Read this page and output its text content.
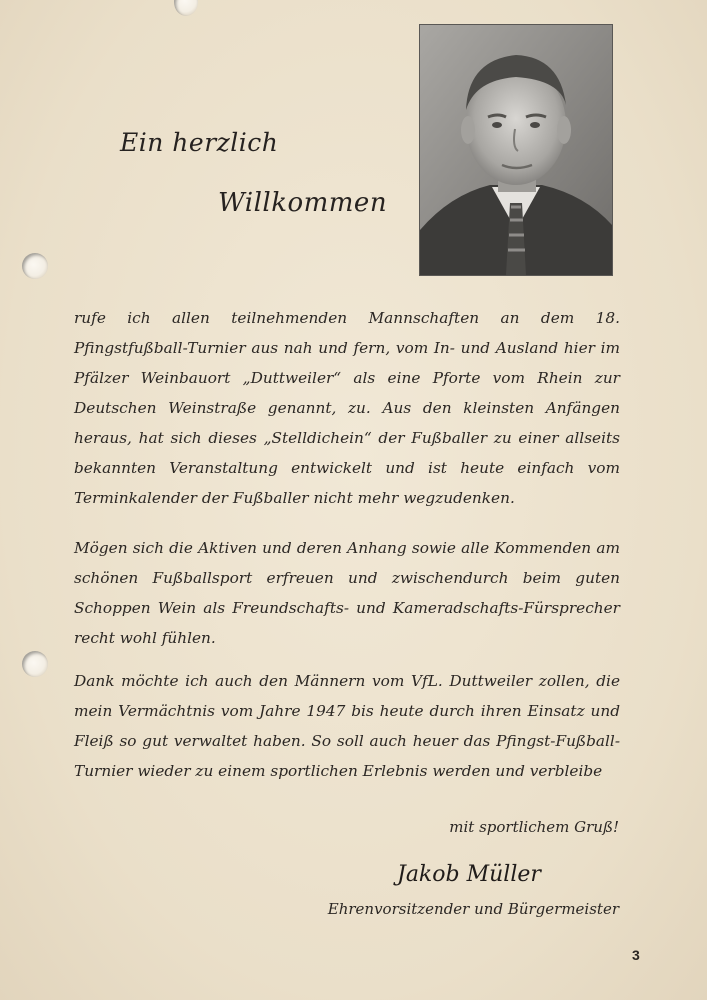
Ein herzlich
Willkommen

rufe ich allen teilnehmenden Mannschaften an dem 18. Pfingstfußball-Turnier aus nah und fern, vom In- und Ausland hier im Pfälzer Weinbauort „Duttweiler“ als eine Pforte vom Rhein zur Deutschen Weinstraße genannt, zu. Aus den kleinsten Anfängen heraus, hat sich dieses „Stelldichein“ der Fußballer zu einer allseits bekannten Veranstaltung entwickelt und ist heute einfach vom Terminkalender der Fußballer nicht mehr wegzudenken.

Mögen sich die Aktiven und deren Anhang sowie alle Kommenden am schönen Fußballsport erfreuen und zwischendurch beim guten Schoppen Wein als Freundschafts- und Kameradschafts-Fürsprecher recht wohl fühlen.

Dank möchte ich auch den Männern vom VfL. Duttweiler zollen, die mein Vermächtnis vom Jahre 1947 bis heute durch ihren Einsatz und Fleiß so gut verwaltet haben. So soll auch heuer das Pfingst-Fußball-Turnier wieder zu einem sportlichen Erlebnis werden und verbleibe

mit sportlichem Gruß!
Jakob Müller
Ehrenvorsitzender und Bürgermeister
3
